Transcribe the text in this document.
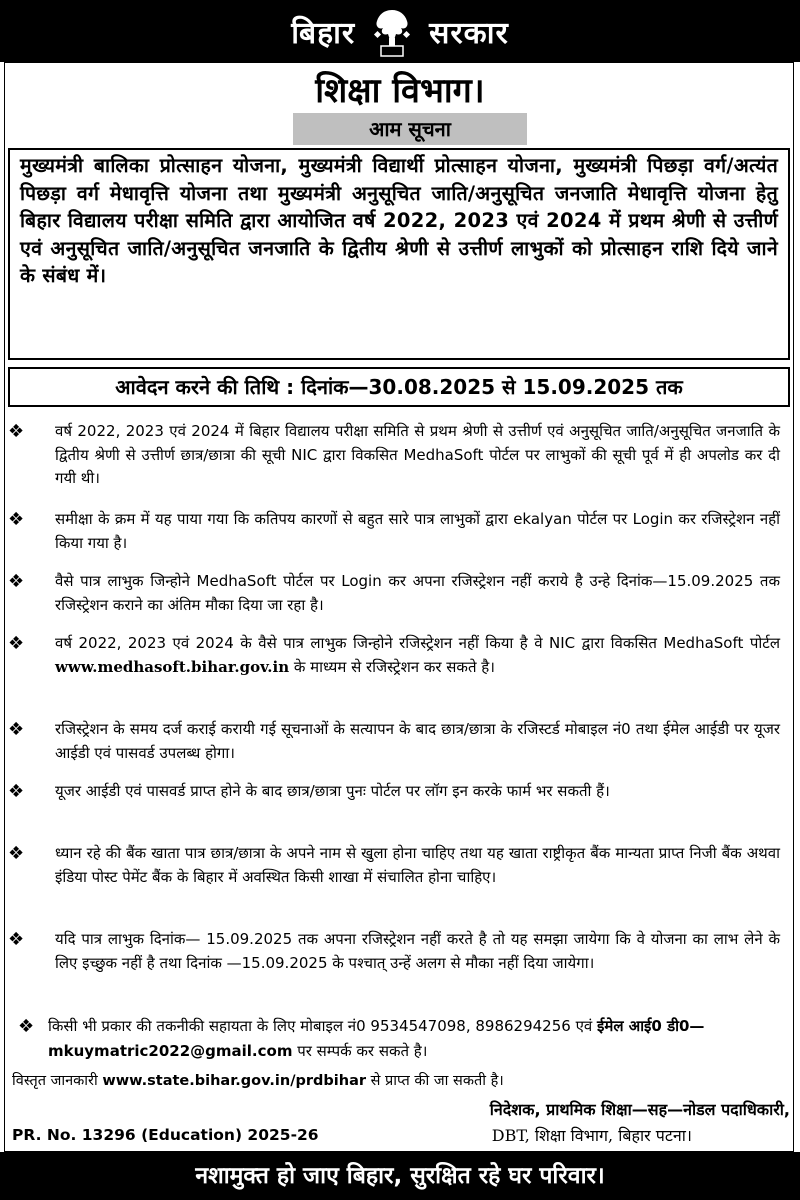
बिहार सरकार
शिक्षा विभाग।
आम सूचना
मुख्यमंत्री बालिका प्रोत्साहन योजना, मुख्यमंत्री विद्यार्थी प्रोत्साहन योजना, मुख्यमंत्री पिछड़ा वर्ग/अत्यंत पिछड़ा वर्ग मेधावृत्ति योजना तथा मुख्यमंत्री अनुसूचित जाति/अनुसूचित जनजाति मेधावृत्ति योजना हेतु बिहार विद्यालय परीक्षा समिति द्वारा आयोजित वर्ष 2022, 2023 एवं 2024 में प्रथम श्रेणी से उत्तीर्ण एवं अनुसूचित जाति/अनुसूचित जनजाति के द्वितीय श्रेणी से उत्तीर्ण लाभुकों को प्रोत्साहन राशि दिये जाने के संबंध में।
आवेदन करने की तिथि : दिनांक—30.08.2025 से 15.09.2025 तक
❖	वर्ष 2022, 2023 एवं 2024 में बिहार विद्यालय परीक्षा समिति से प्रथम श्रेणी से उत्तीर्ण एवं अनुसूचित जाति/अनुसूचित जनजाति के द्वितीय श्रेणी से उत्तीर्ण छात्र/छात्रा की सूची NIC द्वारा विकसित MedhaSoft पोर्टल पर लाभुकों की सूची पूर्व में ही अपलोड कर दी गयी थी।
❖	समीक्षा के क्रम में यह पाया गया कि कतिपय कारणों से बहुत सारे पात्र लाभुकों द्वारा ekalyan पोर्टल पर Login कर रजिस्ट्रेशन नहीं किया गया है।
❖	वैसे पात्र लाभुक जिन्होने MedhaSoft पोर्टल पर Login कर अपना रजिस्ट्रेशन नहीं कराये है उन्हे दिनांक—15.09.2025 तक रजिस्ट्रेशन कराने का अंतिम मौका दिया जा रहा है।
❖	वर्ष 2022, 2023 एवं 2024 के वैसे पात्र लाभुक जिन्होने रजिस्ट्रेशन नहीं किया है वे NIC द्वारा विकसित MedhaSoft पोर्टल www.medhasoft.bihar.gov.in के माध्यम से रजिस्ट्रेशन कर सकते है।
❖	रजिस्ट्रेशन के समय दर्ज कराई करायी गई सूचनाओं के सत्यापन के बाद छात्र/छात्रा के रजिस्टर्ड मोबाइल नं0 तथा ईमेल आईडी पर यूजर आईडी एवं पासवर्ड उपलब्ध होगा।
❖	यूजर आईडी एवं पासवर्ड प्राप्त होने के बाद छात्र/छात्रा पुनः पोर्टल पर लॉग इन करके फार्म भर सकती हैं।
❖	ध्यान रहे की बैंक खाता पात्र छात्र/छात्रा के अपने नाम से खुला होना चाहिए तथा यह खाता राष्ट्रीकृत बैंक मान्यता प्राप्त निजी बैंक अथवा इंडिया पोस्ट पेमेंट बैंक के बिहार में अवस्थित किसी शाखा में संचालित होना चाहिए।
❖	यदि पात्र लाभुक दिनांक— 15.09.2025 तक अपना रजिस्ट्रेशन नहीं करते है तो यह समझा जायेगा कि वे योजना का लाभ लेने के लिए इच्छुक नहीं है तथा दिनांक —15.09.2025 के पश्चात् उन्हें अलग से मौका नहीं दिया जायेगा।
❖ किसी भी प्रकार की तकनीकी सहायता के लिए मोबाइल नं0 9534547098, 8986294256 एवं ईमेल आई0 डी0—mkuymatric2022@gmail.com पर सम्पर्क कर सकते है।
विस्तृत जानकारी www.state.bihar.gov.in/prdbihar से प्राप्त की जा सकती है।
निदेशक, प्राथमिक शिक्षा—सह—नोडल पदाधिकारी,
DBT, शिक्षा विभाग, बिहार पटना।
PR. No. 13296 (Education) 2025-26
नशामुक्त हो जाए बिहार, सुरक्षित रहे घर परिवार।
